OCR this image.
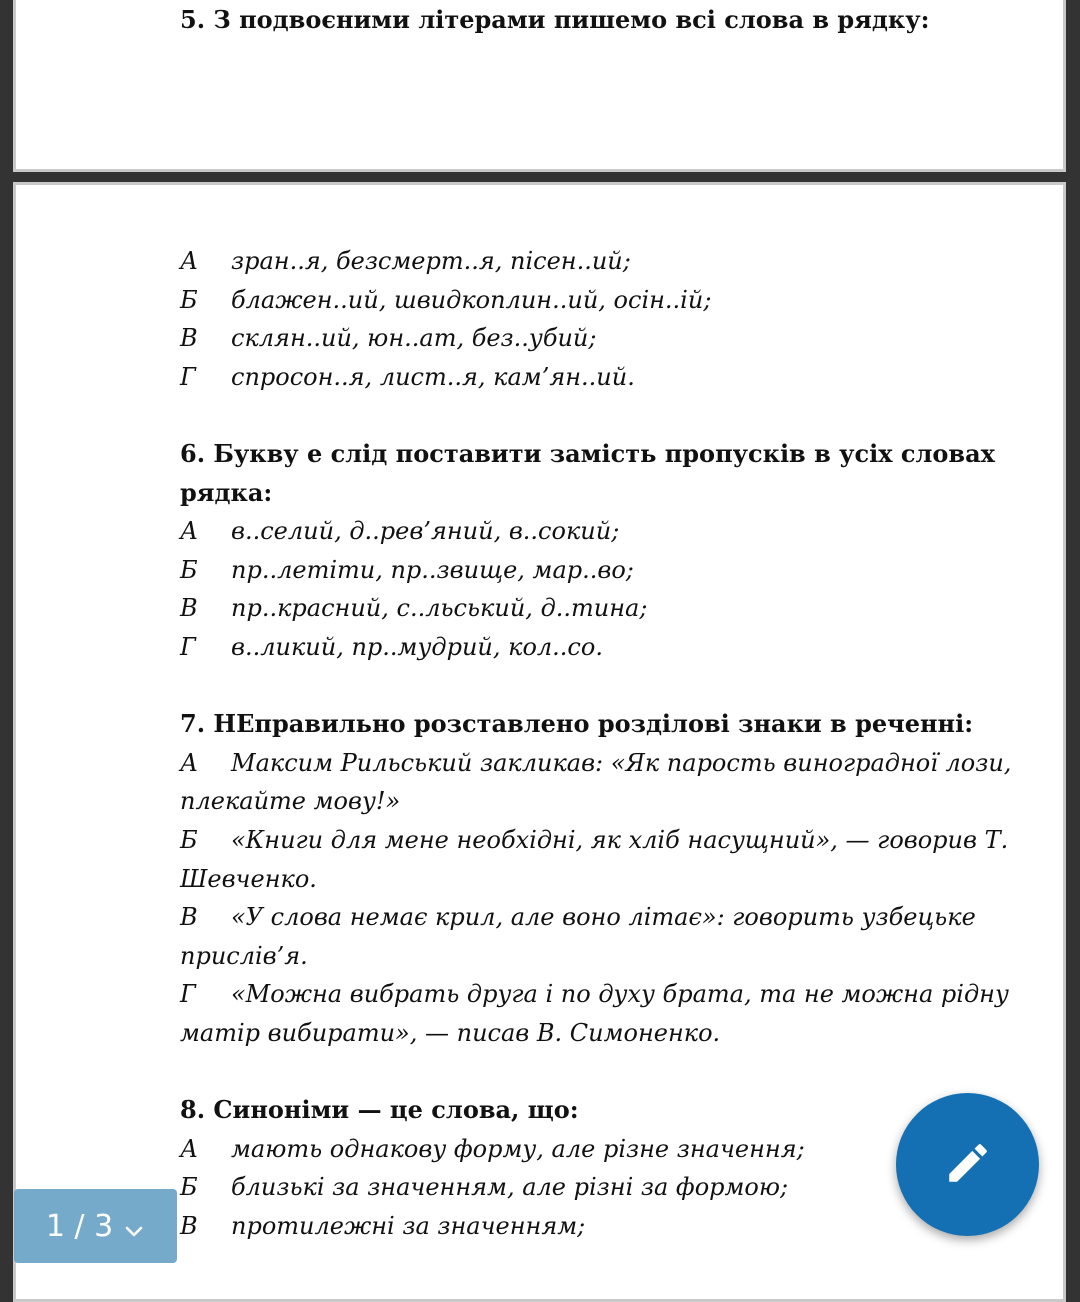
5. З подвоєними літерами пишемо всі слова в рядку:
А зран..я, безсмерт..я, пісен..ий;
Б блажен..ий, швидкоплин..ий, осін..ій;
В склян..ий, юн..ат, без..убий;
Г спросон..я, лист..я, кам’ян..ий.
6. Букву е слід поставити замість пропусків в усіх словах
рядка:
А в..селий, д..рев’яний, в..сокий;
Б пр..летіти, пр..звище, мар..во;
В пр..красний, с..льський, д..тина;
Г в..ликий, пр..мудрий, кол..со.
7. НЕправильно розставлено розділові знаки в реченні:
А Максим Рильський закликав: «Як парость виноградної лози,
плекайте мову!»
Б «Книги для мене необхідні, як хліб насущний», — говорив Т.
Шевченко.
В «У слова немає крил, але воно літає»: говорить узбецьке
прислів’я.
Г «Можна вибрать друга і по духу брата, та не можна рідну
матір вибирати», — писав В. Симоненко.
8. Синоніми — це слова, що:
А мають однакову форму, але різне значення;
Б близькі за значенням, але різні за формою;
В протилежні за значенням;
1 / 3
